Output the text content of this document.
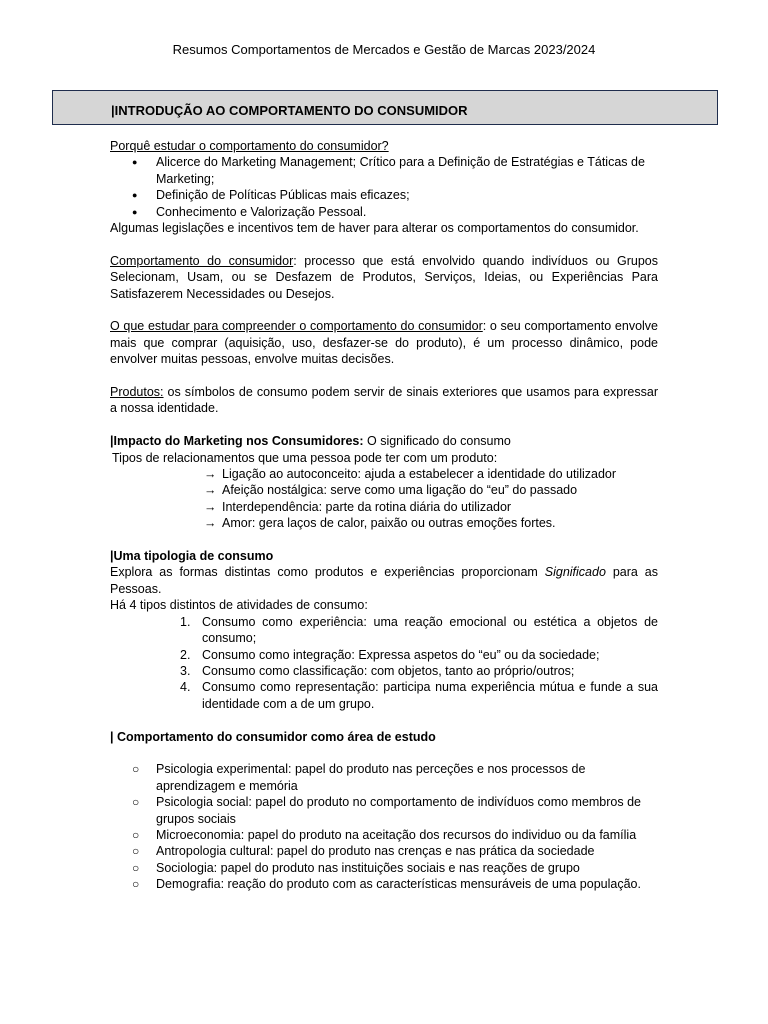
Resumos Comportamentos de Mercados e Gestão de Marcas 2023/2024
|INTRODUÇÃO AO COMPORTAMENTO DO CONSUMIDOR

Porquê estudar o comportamento do consumidor?

● Alicerce do Marketing Management; Crítico para a Definição de Estratégias e Táticas de Marketing;
● Definição de Políticas Públicas mais eficazes;
● Conhecimento e Valorização Pessoal.

Algumas legislações e incentivos tem de haver para alterar os comportamentos do consumidor.

Comportamento do consumidor: processo que está envolvido quando indivíduos ou Grupos Selecionam, Usam, ou se Desfazem de Produtos, Serviços, Ideias, ou Experiências Para Satisfazerem Necessidades ou Desejos.

O que estudar para compreender o comportamento do consumidor: o seu comportamento envolve mais que comprar (aquisição, uso, desfazer-se do produto), é um processo dinâmico, pode envolver muitas pessoas, envolve muitas decisões.

Produtos: os símbolos de consumo podem servir de sinais exteriores que usamos para expressar a nossa identidade.

|Impacto do Marketing nos Consumidores: O significado do consumo

Tipos de relacionamentos que uma pessoa pode ter com um produto:

→ Ligação ao autoconceito: ajuda a estabelecer a identidade do utilizador
→ Afeição nostálgica: serve como uma ligação do “eu” do passado
→ Interdependência: parte da rotina diária do utilizador
→ Amor: gera laços de calor, paixão ou outras emoções fortes.

|Uma tipologia de consumo

Explora as formas distintas como produtos e experiências proporcionam Significado para as Pessoas.

Há 4 tipos distintos de atividades de consumo:

1. Consumo como experiência: uma reação emocional ou estética a objetos de consumo;
2. Consumo como integração: Expressa aspetos do “eu” ou da sociedade;
3. Consumo como classificação: com objetos, tanto ao próprio/outros;
4. Consumo como representação: participa numa experiência mútua e funde a sua identidade com a de um grupo.

| Comportamento do consumidor como área de estudo

○ Psicologia experimental: papel do produto nas perceções e nos processos de aprendizagem e memória
○ Psicologia social: papel do produto no comportamento de indivíduos como membros de grupos sociais
○ Microeconomia: papel do produto na aceitação dos recursos do individuo ou da família
○ Antropologia cultural: papel do produto nas crenças e nas prática da sociedade
○ Sociologia: papel do produto nas instituições sociais e nas reações de grupo
○ Demografia: reação do produto com as características mensuráveis de uma população.
